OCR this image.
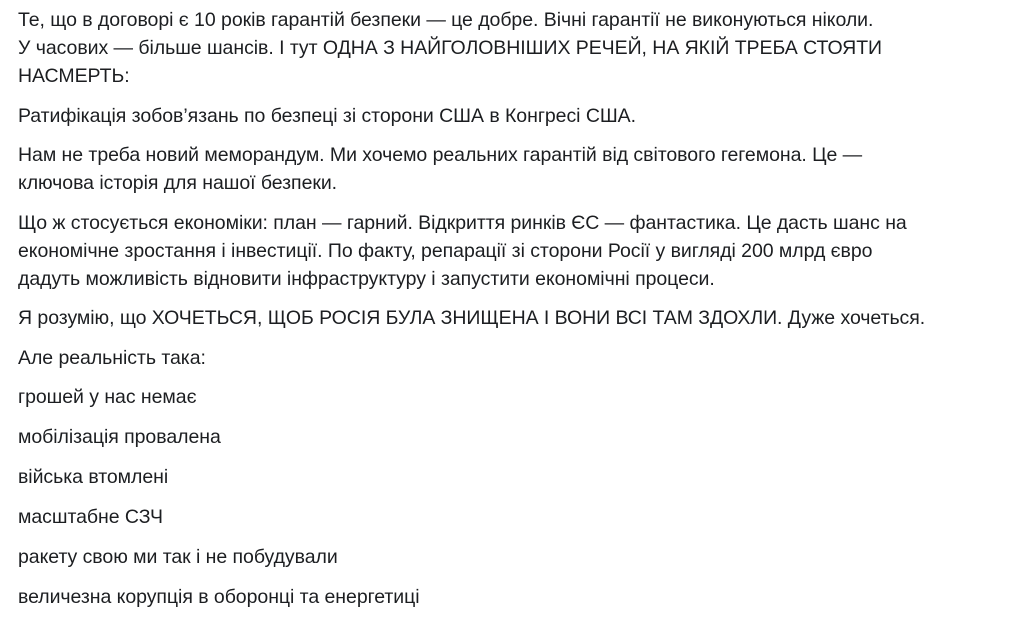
Те, що в договорі є 10 років гарантій безпеки — це добре. Вічні гарантії не виконуються ніколи.
У часових — більше шансів. І тут ОДНА З НАЙГОЛОВНІШИХ РЕЧЕЙ, НА ЯКІЙ ТРЕБА СТОЯТИ
НАСМЕРТЬ:

Ратифікація зобов’язань по безпеці зі сторони США в Конгресі США.

Нам не треба новий меморандум. Ми хочемо реальних гарантій від світового гегемона. Це —
ключова історія для нашої безпеки.

Що ж стосується економіки: план — гарний. Відкриття ринків ЄС — фантастика. Це дасть шанс на
економічне зростання і інвестиції. По факту, репарації зі сторони Росії у вигляді 200 млрд євро
дадуть можливість відновити інфраструктуру і запустити економічні процеси.

Я розумію, що ХОЧЕТЬСЯ, ЩОБ РОСІЯ БУЛА ЗНИЩЕНА І ВОНИ ВСІ ТАМ ЗДОХЛИ. Дуже хочеться.

Але реальність така:

грошей у нас немає

мобілізація провалена

війська втомлені

масштабне СЗЧ

ракету свою ми так і не побудували

величезна корупція в оборонці та енергетиці
